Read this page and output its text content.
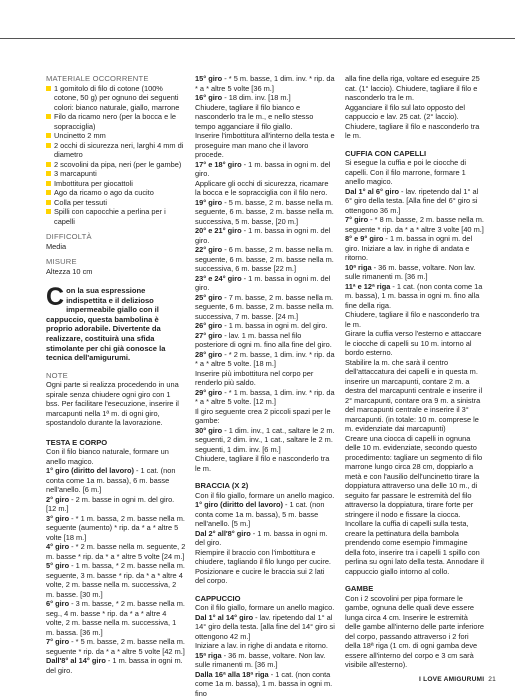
MATERIALE OCCORRENTE

1 gomitolo di filo di cotone (100% cotone, 50 g) per ognuno dei seguenti colori: bianco naturale, giallo, marrone
Filo da ricamo nero (per la bocca e le sopracciglia)
Uncinetto 2 mm
2 occhi di sicurezza neri, larghi 4 mm di diametro
2 scovolini da pipa, neri (per le gambe)
3 marcapunti
Imbottitura per giocattoli
Ago da ricamo o ago da cucito
Colla per tessuti
Spilli con capocchie a perlina per i capelli

DIFFICOLTÀ

Media

MISURE

Altezza 10 cm

Con la sua espressione indispettita e il delizioso impermeabile giallo con il cappuccio, questa bambolina è proprio adorabile. Divertente da realizzare, costituirà una sfida stimolante per chi già conosce la tecnica dell'amigurumi.

NOTE

Ogni parte si realizza procedendo in una spirale senza chiudere ogni giro con 1 bss. Per facilitare l'esecuzione, inserire il marcapunti nella 1ª m. di ogni giro, spostandolo durante la lavorazione.

TESTA E CORPO

Con il filo bianco naturale, formare un anello magico.

1° giro (diritto del lavoro) - 1 cat. (non conta come 1a m. bassa), 6 m. basse nell'anello. [6 m.]

2° giro - 2 m. basse in ogni m. del giro. [12 m.]

3° giro - * 1 m. bassa, 2 m. basse nella m. seguente (aumento) * rip. da * a * altre 5 volte [18 m.]

4° giro - * 2 m. basse nella m. seguente, 2 m. basse * rip. da * a * altre 5 volte [24 m.]

5° giro - 1 m. bassa, * 2 m. basse nella m. seguente, 3 m. basse * rip. da * a * altre 4 volte, 2 m. basse nella m. successiva, 2 m. basse. [30 m.]

6° giro - 3 m. basse, * 2 m. basse nella m. seg., 4 m. basse * rip. da * a * altre 4 volte, 2 m. basse nella m. successiva, 1 m. bassa. [36 m.]

7° giro - * 5 m. basse, 2 m. basse nella m. seguente * rip. da * a * altre 5 volte [42 m.]

Dall'8° al 14° giro - 1 m. bassa in ogni m. del giro.

15° giro - * 5 m. basse, 1 dim. inv. * rip. da * a * altre 5 volte [36 m.]

16° giro - 18 dim. inv. [18 m.]

Chiudere, tagliare il filo bianco e nasconderlo tra le m., e nello stesso tempo agganciare il filo giallo.

Inserire l'imbottitura all'interno della testa e proseguire man mano che il lavoro procede.

17° e 18° giro - 1 m. bassa in ogni m. del giro.

Applicare gli occhi di sicurezza, ricamare la bocca e le sopracciglia con il filo nero.

19° giro - 5 m. basse, 2 m. basse nella m. seguente, 6 m. basse, 2 m. basse nella m. successiva, 5 m. basse, [20 m.]

20° e 21° giro - 1 m. bassa in ogni m. del giro.

22° giro - 6 m. basse, 2 m. basse nella m. seguente, 6 m. basse, 2 m. basse nella m. successiva, 6 m. basse [22 m.]

23° e 24° giro - 1 m. bassa in ogni m. del giro.

25° giro - 7 m. basse, 2 m. basse nella m. seguente, 6 m. basse, 2 m. basse nella m. successiva, 7 m. basse. [24 m.]

26° giro - 1 m. bassa in ogni m. del giro.

27° giro - lav. 1 m. bassa nel filo posteriore di ogni m. fino alla fine del giro.

28° giro - * 2 m. basse, 1 dim. inv. * rip. da * a * altre 5 volte. [18 m.]

Inserire più imbottitura nel corpo per renderlo più saldo.

29° giro - * 1 m. bassa, 1 dim. inv. * rip. da * a * altre 5 volte. [12 m.]

Il giro seguente crea 2 piccoli spazi per le gambe:

30° giro - 1 dim. inv., 1 cat., saltare le 2 m. seguenti, 2 dim. inv., 1 cat., saltare le 2 m. seguenti, 1 dim. inv. [6 m.]

Chiudere, tagliare il filo e nasconderlo tra le m.

BRACCIA (X 2)

Con il filo giallo, formare un anello magico.

1° giro (diritto del lavoro) - 1 cat. (non conta come 1a m. bassa), 5 m. basse nell'anello. [5 m.]

Dal 2° all'8° giro - 1 m. bassa in ogni m. del giro.

Riempire il braccio con l'imbottitura e chiudere, tagliando il filo lungo per cucire. Posizionare e cucire le braccia sui 2 lati del corpo.

CAPPUCCIO

Con il filo giallo, formare un anello magico.

Dal 1° al 14° giro - lav. ripetendo dal 1° al 14° giro della testa. [alla fine del 14° giro si ottengono 42 m.]

Iniziare a lav. in righe di andata e ritorno.

15ª riga - 36 m. basse, voltare. Non lav. sulle rimanenti m. [36 m.]

Dalla 16ª alla 18ª riga - 1 cat. (non conta come 1a m. bassa), 1 m. bassa in ogni m. fino

alla fine della riga, voltare ed eseguire 25 cat. (1° laccio). Chiudere, tagliare il filo e nasconderlo tra le m.
Agganciare il filo sul lato opposto del cappuccio e lav. 25 cat. (2° laccio). Chiudere, tagliare il filo e nasconderlo tra le m.

CUFFIA CON CAPELLI

Si esegue la cuffia e poi le ciocche di capelli. Con il filo marrone, formare 1 anello magico.

Dal 1° al 6° giro - lav. ripetendo dal 1° al 6° giro della testa. [Alla fine del 6° giro si ottengono 36 m.]

7° giro - * 8 m. basse, 2 m. basse nella m. seguente * rip. da * a * altre 3 volte [40 m.]

8° e 9° giro - 1 m. bassa in ogni m. del giro. Iniziare a lav. in righe di andata e ritorno.

10ª riga - 36 m. basse, voltare. Non lav. sulle rimanenti m. [36 m.]

11ª e 12ª riga - 1 cat. (non conta come 1a m. bassa), 1 m. bassa in ogni m. fino alla fine della riga.

Chiudere, tagliare il filo e nasconderlo tra le m.

Girare la cuffia verso l'esterno e attaccare le ciocche di capelli su 10 m. intorno al bordo esterno.

Stabilire la m. che sarà il centro dell'attaccatura dei capelli e in questa m. inserire un marcapunti, contare 2 m. a destra del marcapunti centrale e inserire il 2° marcapunti, contare ora 9 m. a sinistra del marcapunti centrale e inserire il 3° marcapunti. (in totale: 10 m. comprese le m. evidenziate dai marcapunti)

Creare una ciocca di capelli in ognuna delle 10 m. evidenziate, secondo questo procedimento: tagliare un segmento di filo marrone lungo circa 28 cm, doppiarlo a metà e con l'ausilio dell'uncinetto tirare la doppiatura attraverso una delle 10 m., di seguito far passare le estremità del filo attraverso la doppiatura, tirare forte per stringere il nodo e fissare la ciocca.

Incollare la cuffia di capelli sulla testa, creare la pettinatura della bambola prendendo come esempio l'immagine della foto, inserire tra i capelli 1 spillo con perlina su ogni lato della testa. Annodare il cappuccio giallo intorno al collo.

GAMBE

Con i 2 scovolini per pipa formare le gambe, ognuna delle quali deve essere lunga circa 4 cm. Inserire le estremità delle gambe all'interno delle parte inferiore del corpo, passando attraverso i 2 fori della 18ª riga (1 cm. di ogni gamba deve essere all'interno del corpo e 3 cm sarà visibile all'esterno).

I LOVE AMIGURUMI 21
